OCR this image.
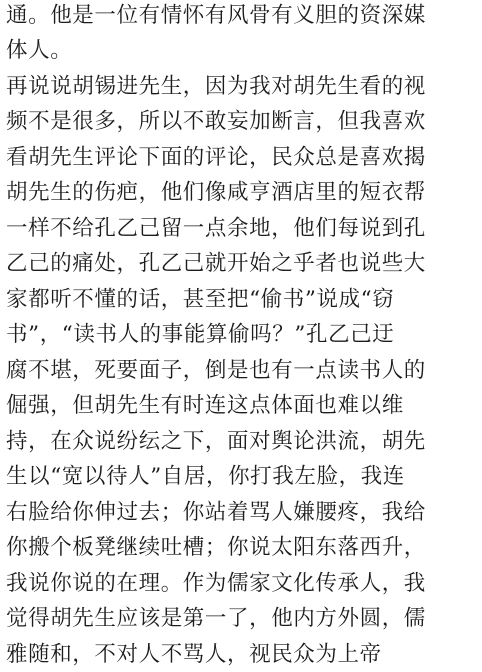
通。他是一位有情怀有风骨有义胆的资深媒
体人。
再说说胡锡进先生，因为我对胡先生看的视
频不是很多，所以不敢妄加断言，但我喜欢
看胡先生评论下面的评论，民众总是喜欢揭
胡先生的伤疤，他们像咸亨酒店里的短衣帮
一样不给孔乙己留一点余地，他们每说到孔
乙己的痛处，孔乙己就开始之乎者也说些大
家都听不懂的话，甚至把“偷书”说成“窃
书”，“读书人的事能算偷吗？”孔乙己迂
腐不堪，死要面子，倒是也有一点读书人的
倔强，但胡先生有时连这点体面也难以维
持，在众说纷纭之下，面对舆论洪流，胡先
生以“宽以待人”自居，你打我左脸，我连
右脸给你伸过去；你站着骂人嫌腰疼，我给
你搬个板凳继续吐槽；你说太阳东落西升，
我说你说的在理。作为儒家文化传承人，我
觉得胡先生应该是第一了，他内方外圆，儒
雅随和，不对人不骂人，视民众为上帝
